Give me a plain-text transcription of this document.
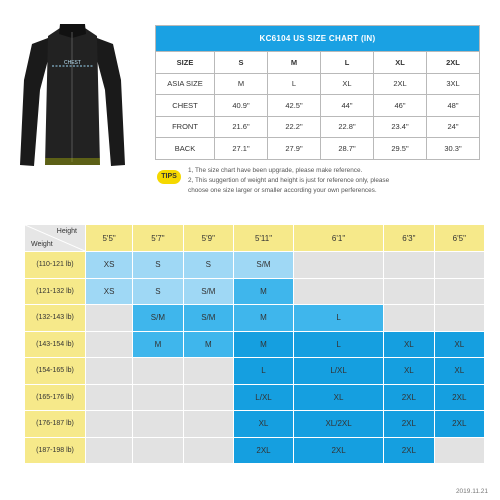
CHEST
KC6104 US SIZE CHART (IN)					
SIZE	S	M	L	XL	2XL
ASIA SIZE	M	L	XL	2XL	3XL
CHEST	40.9"	42.5"	44"	46"	48"
FRONT	21.6"	22.2"	22.8"	23.4"	24"
BACK	27.1"	27.9"	28.7"	29.5"	30.3"
TIPS
1, The size chart have been upgrade, please make reference.
2, This suggertion of weight and height is just for reference only, please
choose one size larger or smaller according your own perferences.
Height
Weight	5'5"	5'7"	5'9"	5'11"	6'1"	6'3"	6'5"
(110-121 lb)	XS	S	S	S/M			
(121-132 lb)	XS	S	S/M	M			
(132-143 lb)		S/M	S/M	M	L		
(143-154 lb)		M	M	M	L	XL	XL
(154-165 lb)				L	L/XL	XL	XL
(165-176 lb)				L/XL	XL	2XL	2XL
(176-187 lb)				XL	XL/2XL	2XL	2XL
(187-198 lb)				2XL	2XL	2XL	
2019.11.21
